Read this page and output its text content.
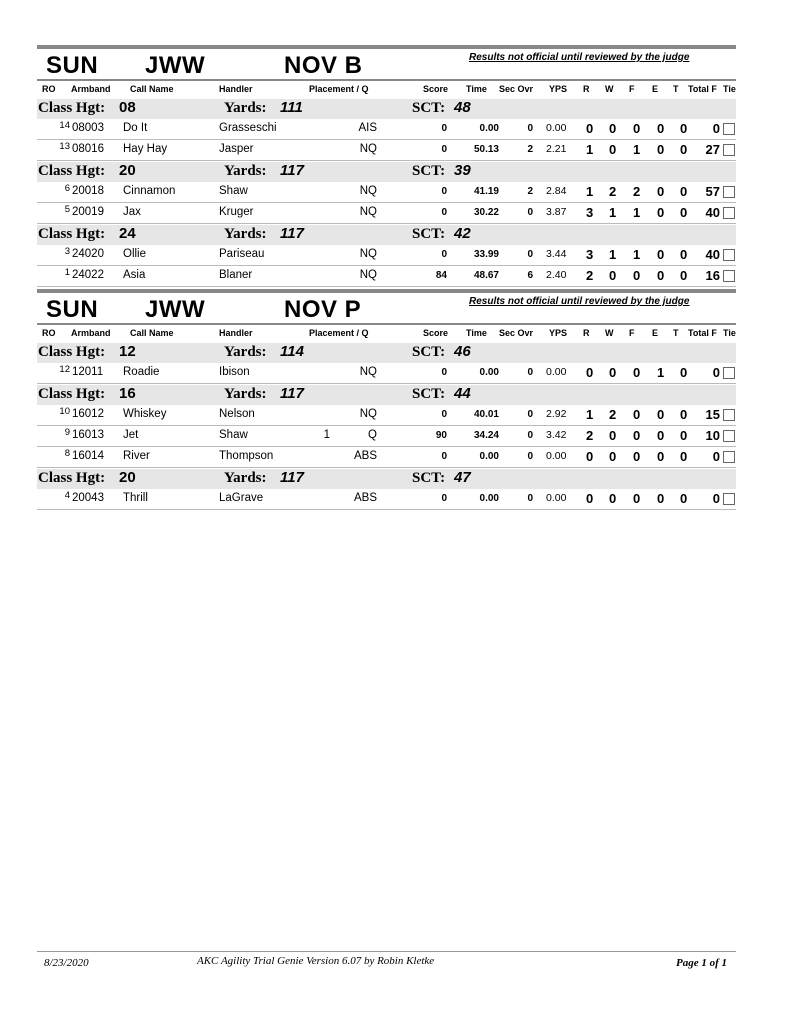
SUN JWW	NOV B	Results not official until reviewed by the judge
RO Armband Call Name	Handler	Placement / Q	Score Time Sec Ovr YPS R W F E T Total F Tie
Class Hgt: 08	Yards: 111	SCT: 48
14 08003 Do It	Grasseschi	AIS	0	0.00	0 0.00 0 0 0 0 0	0
13 08016 Hay Hay	Jasper	NQ	0	50.13	2 2.21 1 0 1 0 0	27
Class Hgt: 20	Yards: 117	SCT: 39
6 20018 Cinnamon	Shaw	NQ	0	41.19	2 2.84 1 2 2 0 0	57
5 20019 Jax	Kruger	NQ	0	30.22	0 3.87 3 1 1 0 0	40
Class Hgt: 24	Yards: 117	SCT: 42
3 24020 Ollie	Pariseau	NQ	0	33.99	0 3.44 3 1 1 0 0	40
1 24022 Asia	Blaner	NQ	84	48.67	6 2.40 2 0 0 0 0	16
SUN JWW	NOV P	Results not official until reviewed by the judge
RO Armband Call Name	Handler	Placement / Q	Score Time Sec Ovr YPS R W F E T Total F Tie
Class Hgt: 12	Yards: 114	SCT: 46
12 12011 Roadie	Ibison	NQ	0	0.00	0 0.00 0 0 0 1 0	0
Class Hgt: 16	Yards: 117	SCT: 44
10 16012 Whiskey	Nelson	NQ	0	40.01	0 2.92 1 2 0 0 0	15
9 16013 Jet	Shaw	1	Q	90	34.24	0 3.42 2 0 0 0 0	10
8 16014 River	Thompson	ABS	0	0.00	0 0.00 0 0 0 0 0	0
Class Hgt: 20	Yards: 117	SCT: 47
4 20043 Thrill	LaGrave	ABS	0	0.00	0 0.00 0 0 0 0 0	0
8/23/2020	AKC Agility Trial Genie Version 6.07 by Robin Kletke	Page 1 of 1
